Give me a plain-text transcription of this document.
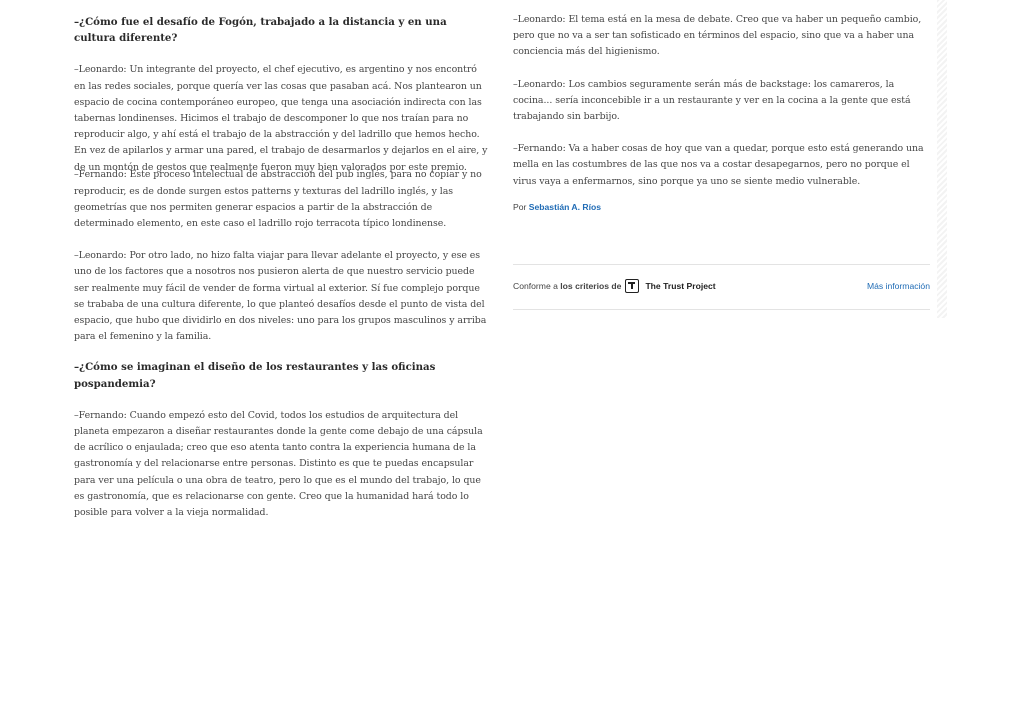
–¿Cómo fue el desafío de Fogón, trabajado a la distancia y en una cultura diferente?

–Leonardo: Un integrante del proyecto, el chef ejecutivo, es argentino y nos encontró en las redes sociales, porque quería ver las cosas que pasaban acá. Nos plantearon un espacio de cocina contemporáneo europeo, que tenga una asociación indirecta con las tabernas londinenses. Hicimos el trabajo de descomponer lo que nos traían para no reproducir algo, y ahí está el trabajo de la abstracción y del ladrillo que hemos hecho. En vez de apilarlos y armar una pared, el trabajo de desarmarlos y dejarlos en el aire, y de un montón de gestos que realmente fueron muy bien valorados por este premio.

–Fernando: Este proceso intelectual de abstracción del pub inglés, para no copiar y no reproducir, es de donde surgen estos patterns y texturas del ladrillo inglés, y las geometrías que nos permiten generar espacios a partir de la abstracción de determinado elemento, en este caso el ladrillo rojo terracota típico londinense.

–Leonardo: Por otro lado, no hizo falta viajar para llevar adelante el proyecto, y ese es uno de los factores que a nosotros nos pusieron alerta de que nuestro servicio puede ser realmente muy fácil de vender de forma virtual al exterior. Sí fue complejo porque se trababa de una cultura diferente, lo que planteó desafíos desde el punto de vista del espacio, que hubo que dividirlo en dos niveles: uno para los grupos masculinos y arriba para el femenino y la familia.

–¿Cómo se imaginan el diseño de los restaurantes y las oficinas pospandemia?

–Fernando: Cuando empezó esto del Covid, todos los estudios de arquitectura del planeta empezaron a diseñar restaurantes donde la gente come debajo de una cápsula de acrílico o enjaulada; creo que eso atenta tanto contra la experiencia humana de la gastronomía y del relacionarse entre personas. Distinto es que te puedas encapsular para ver una película o una obra de teatro, pero lo que es el mundo del trabajo, lo que es gastronomía, que es relacionarse con gente. Creo que la humanidad hará todo lo posible para volver a la vieja normalidad.

–Leonardo: El tema está en la mesa de debate. Creo que va haber un pequeño cambio, pero que no va a ser tan sofisticado en términos del espacio, sino que va a haber una conciencia más del higienismo.

–Leonardo: Los cambios seguramente serán más de backstage: los camareros, la cocina... sería inconcebible ir a un restaurante y ver en la cocina a la gente que está trabajando sin barbijo.

–Fernando: Va a haber cosas de hoy que van a quedar, porque esto está generando una mella en las costumbres de las que nos va a costar desapegarnos, pero no porque el virus vaya a enfermarnos, sino porque ya uno se siente medio vulnerable.

Por Sebastián A. Ríos
Conforme a
los criterios de	The Trust Project	Más información
